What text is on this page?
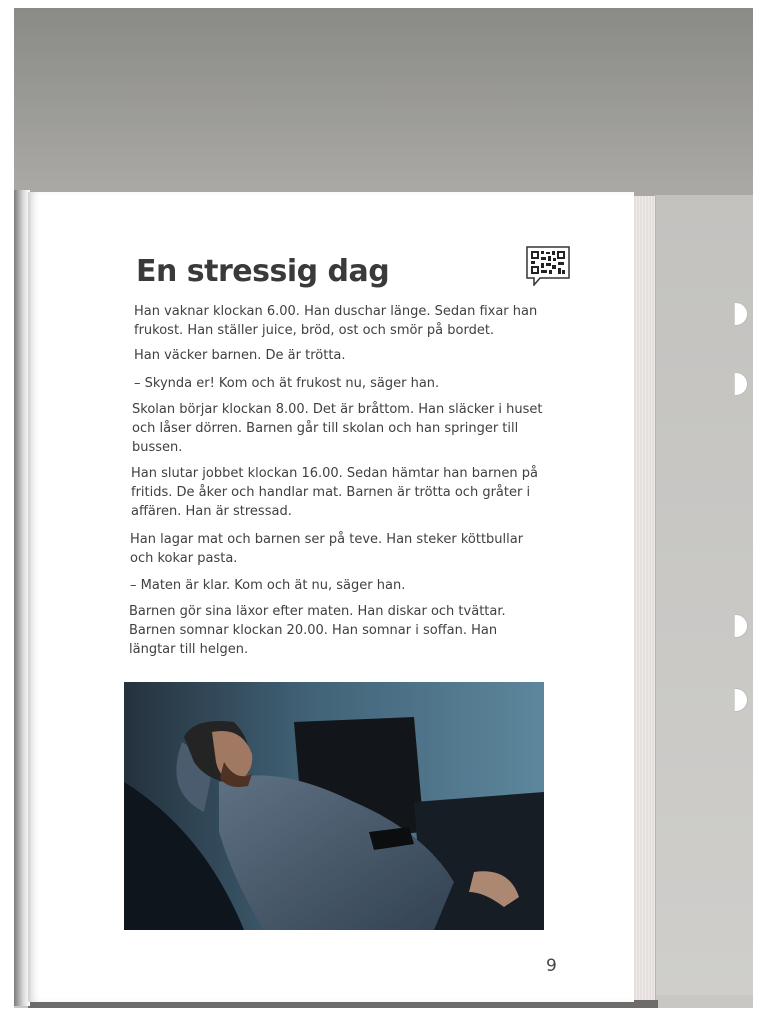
En stressig dag

Han vaknar klockan 6.00. Han duschar länge. Sedan fixar han frukost. Han ställer juice, bröd, ost och smör på bordet.

Han väcker barnen. De är trötta.

– Skynda er! Kom och ät frukost nu, säger han.

Skolan börjar klockan 8.00. Det är bråttom. Han släcker i huset och låser dörren. Barnen går till skolan och han springer till bussen.

Han slutar jobbet klockan 16.00. Sedan hämtar han barnen på fritids. De åker och handlar mat. Barnen är trötta och gråter i affären. Han är stressad.

Han lagar mat och barnen ser på teve. Han steker köttbullar och kokar pasta.

– Maten är klar. Kom och ät nu, säger han.

Barnen gör sina läxor efter maten. Han diskar och tvättar. Barnen somnar klockan 20.00. Han somnar i soffan. Han längtar till helgen.

9
